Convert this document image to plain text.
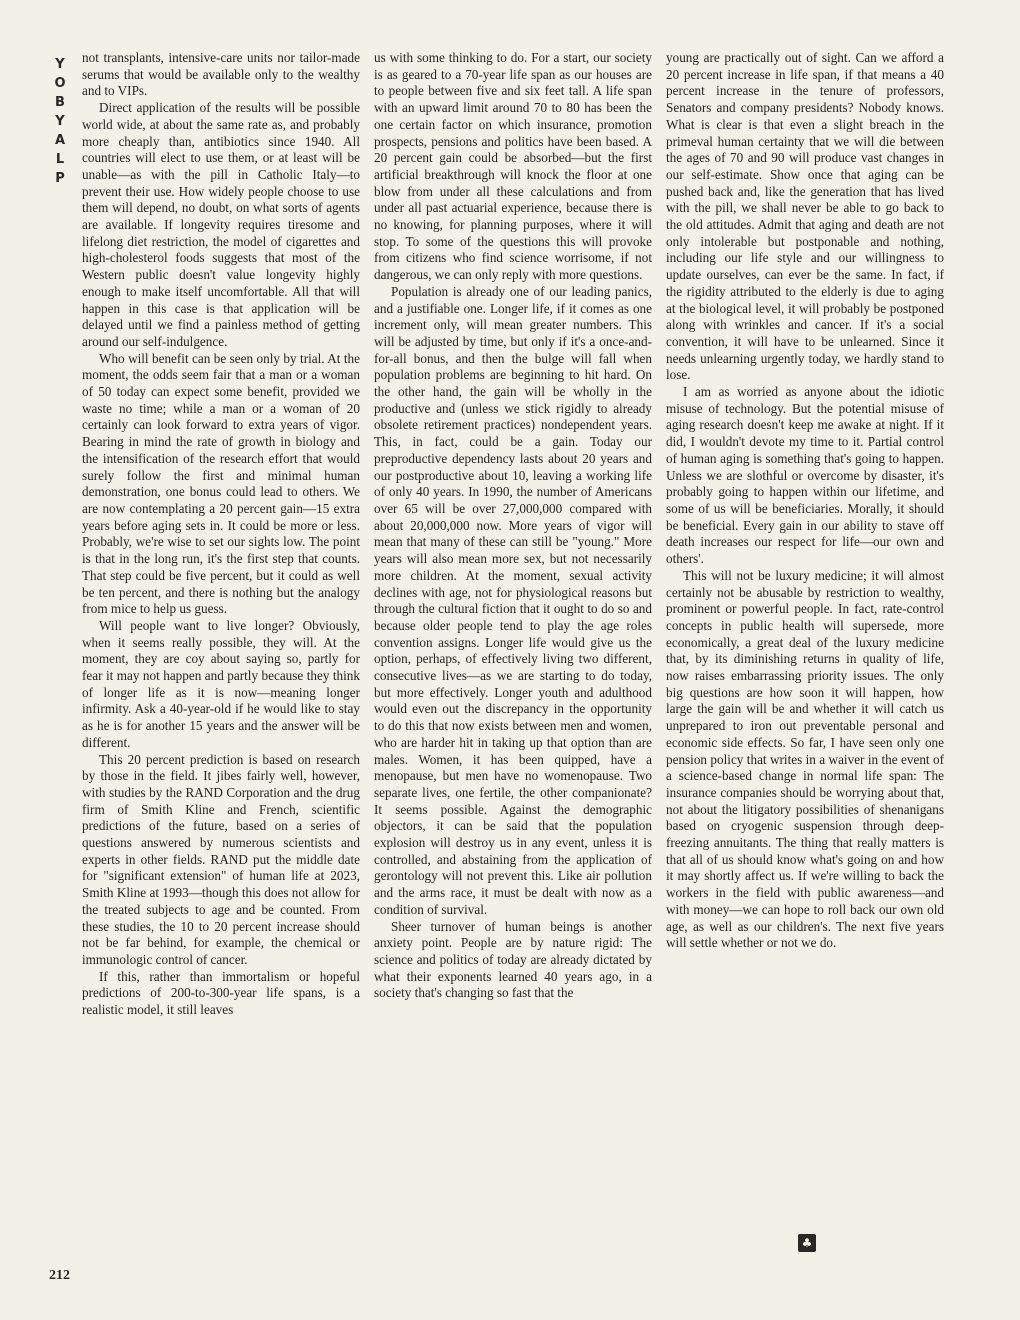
Y
O
B
Y
A
L
P

not transplants, intensive-care units nor tailor-made serums that would be available only to the wealthy and to VIPs.

Direct application of the results will be possible world wide, at about the same rate as, and probably more cheaply than, antibiotics since 1940. All countries will elect to use them, or at least will be unable—as with the pill in Catholic Italy—to prevent their use. How widely people choose to use them will depend, no doubt, on what sorts of agents are available. If longevity requires tiresome and lifelong diet restriction, the model of cigarettes and high-cholesterol foods suggests that most of the Western public doesn't value longevity highly enough to make itself uncomfortable. All that will happen in this case is that application will be delayed until we find a painless method of getting around our self-indulgence.

Who will benefit can be seen only by trial. At the moment, the odds seem fair that a man or a woman of 50 today can expect some benefit, provided we waste no time; while a man or a woman of 20 certainly can look forward to extra years of vigor. Bearing in mind the rate of growth in biology and the intensification of the research effort that would surely follow the first and minimal human demonstration, one bonus could lead to others. We are now contemplating a 20 percent gain—15 extra years before aging sets in. It could be more or less. Probably, we're wise to set our sights low. The point is that in the long run, it's the first step that counts. That step could be five percent, but it could as well be ten percent, and there is nothing but the analogy from mice to help us guess.

Will people want to live longer? Obviously, when it seems really possible, they will. At the moment, they are coy about saying so, partly for fear it may not happen and partly because they think of longer life as it is now—meaning longer infirmity. Ask a 40-year-old if he would like to stay as he is for another 15 years and the answer will be different.

This 20 percent prediction is based on research by those in the field. It jibes fairly well, however, with studies by the RAND Corporation and the drug firm of Smith Kline and French, scientific predictions of the future, based on a series of questions answered by numerous scientists and experts in other fields. RAND put the middle date for "significant extension" of human life at 2023, Smith Kline at 1993—though this does not allow for the treated subjects to age and be counted. From these studies, the 10 to 20 percent increase should not be far behind, for example, the chemical or immunologic control of cancer.

If this, rather than immortalism or hopeful predictions of 200-to-300-year life spans, is a realistic model, it still leaves

us with some thinking to do. For a start, our society is as geared to a 70-year life span as our houses are to people between five and six feet tall. A life span with an upward limit around 70 to 80 has been the one certain factor on which insurance, promotion prospects, pensions and politics have been based. A 20 percent gain could be absorbed—but the first artificial breakthrough will knock the floor at one blow from under all these calculations and from under all past actuarial experience, because there is no knowing, for planning purposes, where it will stop. To some of the questions this will provoke from citizens who find science worrisome, if not dangerous, we can only reply with more questions.

Population is already one of our leading panics, and a justifiable one. Longer life, if it comes as one increment only, will mean greater numbers. This will be adjusted by time, but only if it's a once-and-for-all bonus, and then the bulge will fall when population problems are beginning to hit hard. On the other hand, the gain will be wholly in the productive and (unless we stick rigidly to already obsolete retirement practices) nondependent years. This, in fact, could be a gain. Today our preproductive dependency lasts about 20 years and our postproductive about 10, leaving a working life of only 40 years. In 1990, the number of Americans over 65 will be over 27,000,000 compared with about 20,000,000 now. More years of vigor will mean that many of these can still be "young." More years will also mean more sex, but not necessarily more children. At the moment, sexual activity declines with age, not for physiological reasons but through the cultural fiction that it ought to do so and because older people tend to play the age roles convention assigns. Longer life would give us the option, perhaps, of effectively living two different, consecutive lives—as we are starting to do today, but more effectively. Longer youth and adulthood would even out the discrepancy in the opportunity to do this that now exists between men and women, who are harder hit in taking up that option than are males. Women, it has been quipped, have a menopause, but men have no womenopause. Two separate lives, one fertile, the other companionate? It seems possible. Against the demographic objectors, it can be said that the population explosion will destroy us in any event, unless it is controlled, and abstaining from the application of gerontology will not prevent this. Like air pollution and the arms race, it must be dealt with now as a condition of survival.

Sheer turnover of human beings is another anxiety point. People are by nature rigid: The science and politics of today are already dictated by what their exponents learned 40 years ago, in a society that's changing so fast that the

young are practically out of sight. Can we afford a 20 percent increase in life span, if that means a 40 percent increase in the tenure of professors, Senators and company presidents? Nobody knows. What is clear is that even a slight breach in the primeval human certainty that we will die between the ages of 70 and 90 will produce vast changes in our self-estimate. Show once that aging can be pushed back and, like the generation that has lived with the pill, we shall never be able to go back to the old attitudes. Admit that aging and death are not only intolerable but postponable and nothing, including our life style and our willingness to update ourselves, can ever be the same. In fact, if the rigidity attributed to the elderly is due to aging at the biological level, it will probably be postponed along with wrinkles and cancer. If it's a social convention, it will have to be unlearned. Since it needs unlearning urgently today, we hardly stand to lose.

I am as worried as anyone about the idiotic misuse of technology. But the potential misuse of aging research doesn't keep me awake at night. If it did, I wouldn't devote my time to it. Partial control of human aging is something that's going to happen. Unless we are slothful or overcome by disaster, it's probably going to happen within our lifetime, and some of us will be beneficiaries. Morally, it should be beneficial. Every gain in our ability to stave off death increases our respect for life—our own and others'.

This will not be luxury medicine; it will almost certainly not be abusable by restriction to wealthy, prominent or powerful people. In fact, rate-control concepts in public health will supersede, more economically, a great deal of the luxury medicine that, by its diminishing returns in quality of life, now raises embarrassing priority issues. The only big questions are how soon it will happen, how large the gain will be and whether it will catch us unprepared to iron out preventable personal and economic side effects. So far, I have seen only one pension policy that writes in a waiver in the event of a science-based change in normal life span: The insurance companies should be worrying about that, not about the litigatory possibilities of shenanigans based on cryogenic suspension through deep-freezing annuitants. The thing that really matters is that all of us should know what's going on and how it may shortly affect us. If we're willing to back the workers in the field with public awareness—and with money—we can hope to roll back our own old age, as well as our children's. The next five years will settle whether or not we do.

212
♣
